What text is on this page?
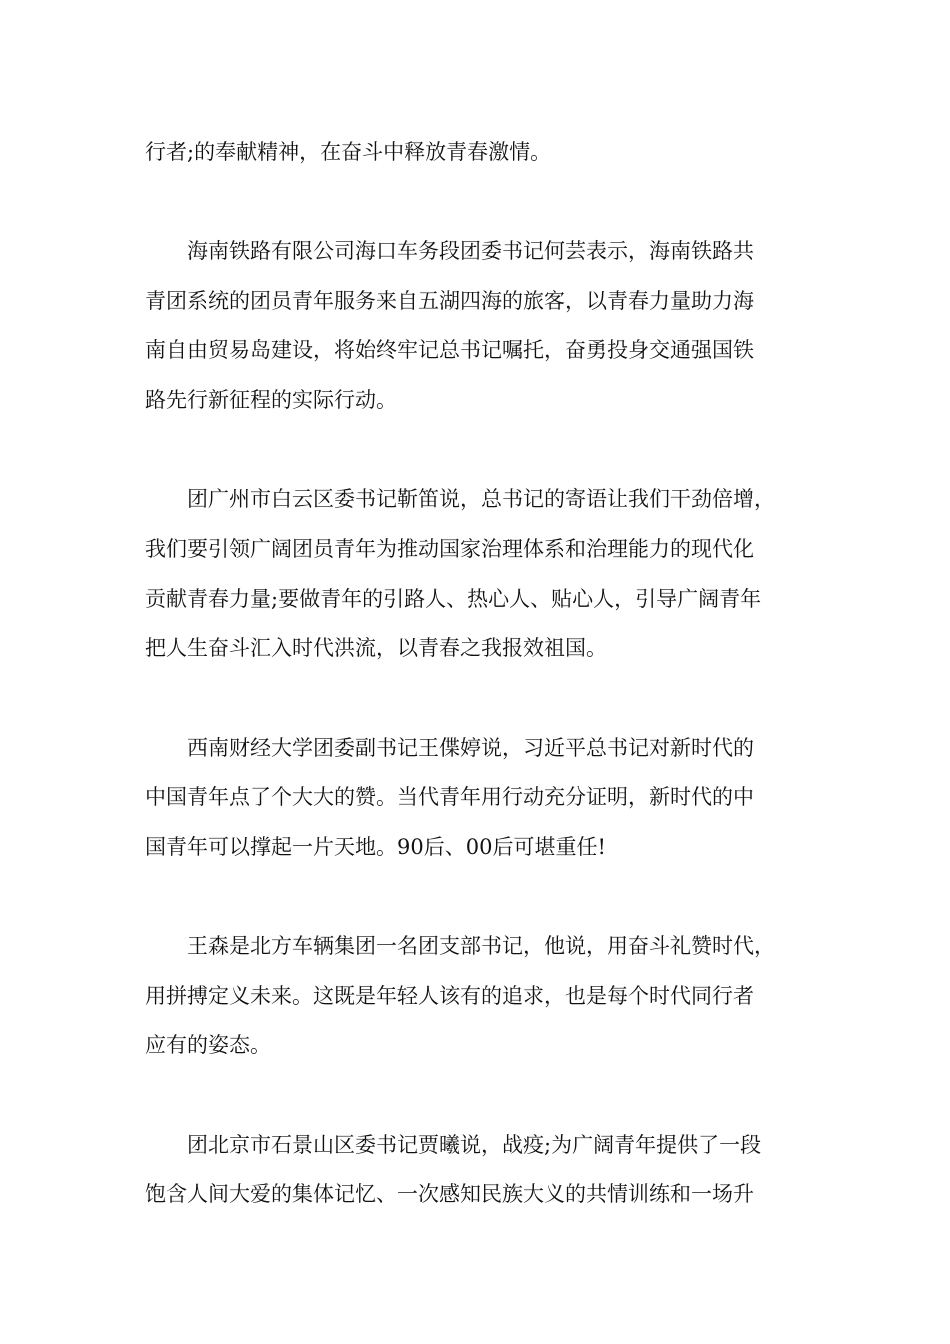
行者;的奉献精神，在奋斗中释放青春激情。

　　海南铁路有限公司海口车务段团委书记何芸表示，海南铁路共

青团系统的团员青年服务来自五湖四海的旅客，以青春力量助力海

南自由贸易岛建设，将始终牢记总书记嘱托，奋勇投身交通强国铁

路先行新征程的实际行动。

　　团广州市白云区委书记靳笛说，总书记的寄语让我们干劲倍增，

我们要引领广阔团员青年为推动国家治理体系和治理能力的现代化

贡献青春力量;要做青年的引路人、热心人、贴心人，引导广阔青年

把人生奋斗汇入时代洪流，以青春之我报效祖国。

　　西南财经大学团委副书记王偞婷说，习近平总书记对新时代的

中国青年点了个大大的赞。当代青年用行动充分证明，新时代的中

国青年可以撑起一片天地。90后、00后可堪重任!

　　王森是北方车辆集团一名团支部书记，他说，用奋斗礼赞时代，

用拼搏定义未来。这既是年轻人该有的追求，也是每个时代同行者

应有的姿态。

　　团北京市石景山区委书记贾曦说，战疫;为广阔青年提供了一段

饱含人间大爱的集体记忆、一次感知民族大义的共情训练和一场升
